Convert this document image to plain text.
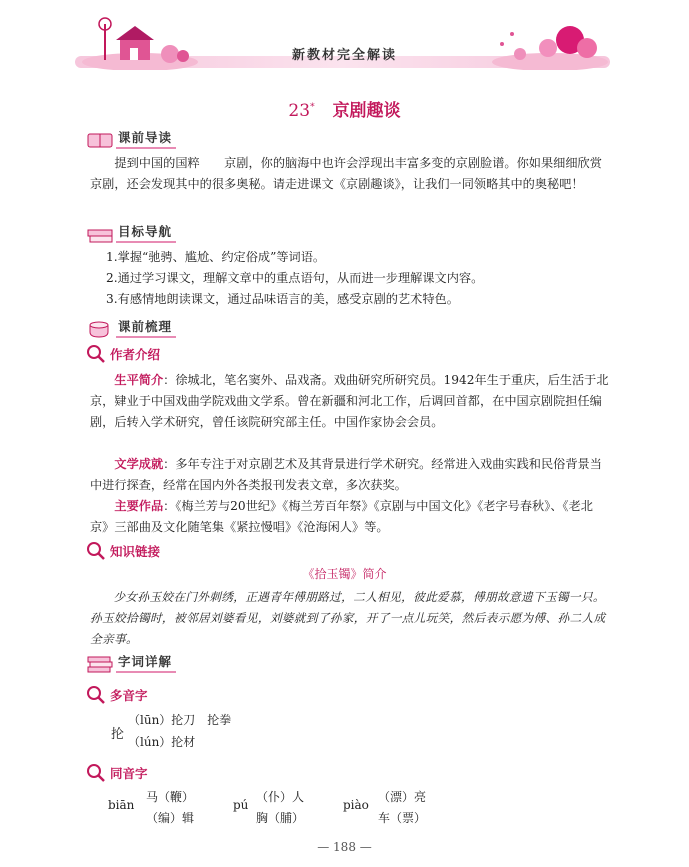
新教材完全解读
23* 京剧趣谈
课前导读
提到中国的国粹　　京剧，你的脑海中也许会浮现出丰富多变的京剧脸谱。你如果细细欣赏京剧，还会发现其中的很多奥秘。请走进课文《京剧趣谈》，让我们一同领略其中的奥秘吧！
目标导航
1.掌握“驰骋、尴尬、约定俗成”等词语。
2.通过学习课文，理解文章中的重点语句，从而进一步理解课文内容。
3.有感情地朗读课文，通过品味语言的美，感受京剧的艺术特色。
课前梳理
作者介绍
生平简介：徐城北，笔名窦外、品戏斋。戏曲研究所研究员。1942年生于重庆，后生活于北京，肄业于中国戏曲学院戏曲文学系。曾在新疆和河北工作，后调回首都，在中国京剧院担任编剧，后转入学术研究，曾任该院研究部主任。中国作家协会会员。
文学成就：多年专注于对京剧艺术及其背景进行学术研究。经常进入戏曲实践和民俗背景当中进行探查，经常在国内外各类报刊发表文章，多次获奖。
主要作品：《梅兰芳与20世纪》《梅兰芳百年祭》《京剧与中国文化》《老字号春秋》、《老北京》三部曲及文化随笔集《紧拉慢唱》《沧海闲人》等。
知识链接
《拾玉镯》简介
少女孙玉姣在门外刺绣，正遇青年傅朋路过，二人相见，彼此爱慕，傅朋故意遗下玉镯一只。孙玉姣拾镯时，被邻居刘婆看见，刘婆就到了孙家，开了一点儿玩笑，然后表示愿为傅、孙二人成全亲事。
字词详解
多音字
抡
（lūn）抡刀　抡拳
（lún）抡材
同音字
biān
马（鞭）
（编）辑
pú
（仆）人
胸（脯）
piào
（漂）亮
车（票）
— 188 —
